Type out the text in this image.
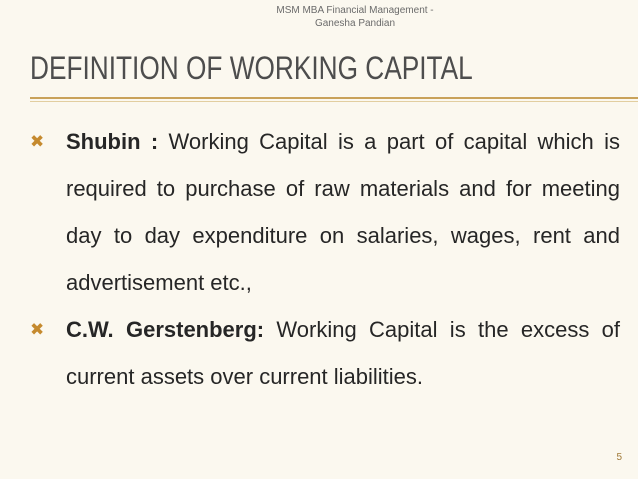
MSM MBA Financial Management -
Ganesha Pandian
DEFINITION OF WORKING CAPITAL
✖ Shubin : Working Capital is a part of capital which is required to purchase of raw materials and for meeting day to day expenditure on salaries, wages, rent and advertisement etc.,
✖ C.W. Gerstenberg: Working Capital is the excess of current assets over current liabilities.
5
